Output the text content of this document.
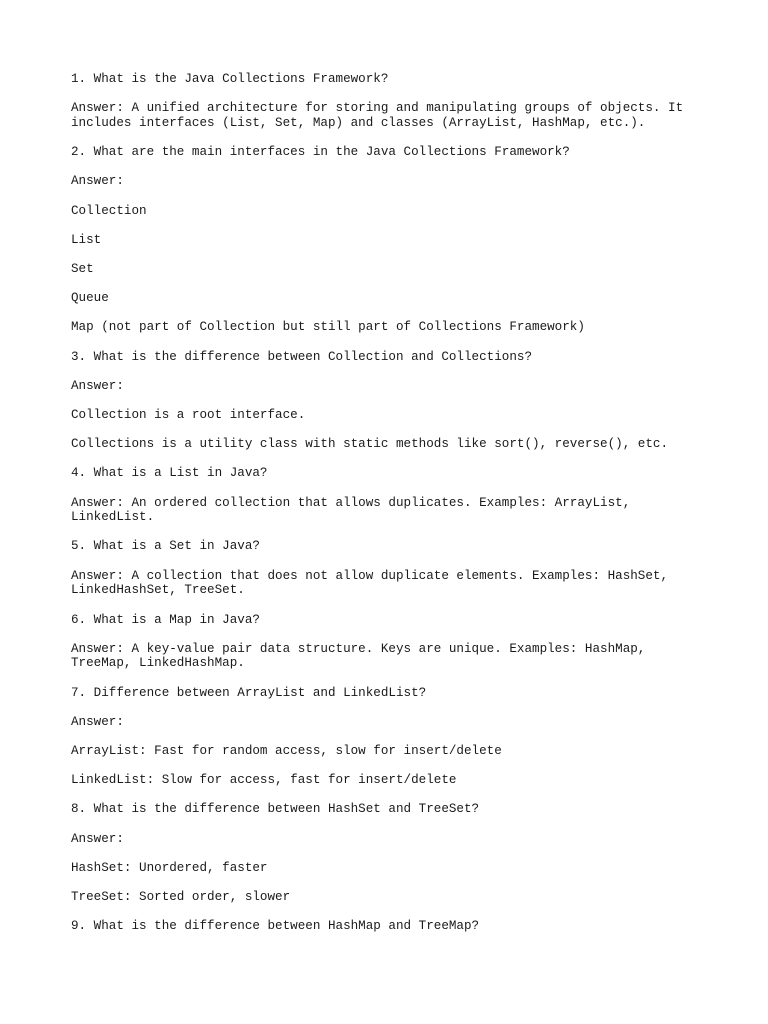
1. What is the Java Collections Framework?
Answer: A unified architecture for storing and manipulating groups of objects. It
includes interfaces (List, Set, Map) and classes (ArrayList, HashMap, etc.).
2. What are the main interfaces in the Java Collections Framework?
Answer:
Collection
List
Set
Queue
Map (not part of Collection but still part of Collections Framework)
3. What is the difference between Collection and Collections?
Answer:
Collection is a root interface.
Collections is a utility class with static methods like sort(), reverse(), etc.
4. What is a List in Java?
Answer: An ordered collection that allows duplicates. Examples: ArrayList,
LinkedList.
5. What is a Set in Java?
Answer: A collection that does not allow duplicate elements. Examples: HashSet,
LinkedHashSet, TreeSet.
6. What is a Map in Java?
Answer: A key-value pair data structure. Keys are unique. Examples: HashMap,
TreeMap, LinkedHashMap.
7. Difference between ArrayList and LinkedList?
Answer:
ArrayList: Fast for random access, slow for insert/delete
LinkedList: Slow for access, fast for insert/delete
8. What is the difference between HashSet and TreeSet?
Answer:
HashSet: Unordered, faster
TreeSet: Sorted order, slower
9. What is the difference between HashMap and TreeMap?
